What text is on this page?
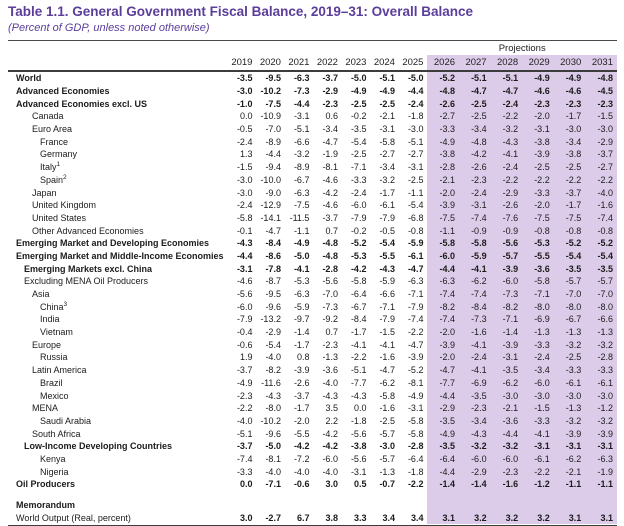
Table 1.1. General Government Fiscal Balance, 2019–31: Overall Balance
(Percent of GDP, unless noted otherwise)
								Projections					
	2019	2020	2021	2022	2023	2024	2025	2026	2027	2028	2029	2030	2031
World	-3.5	-9.5	-6.3	-3.7	-5.0	-5.1	-5.0	-5.2	-5.1	-5.1	-4.9	-4.9	-4.8
Advanced Economies	-3.0	-10.2	-7.3	-2.9	-4.9	-4.9	-4.4	-4.8	-4.7	-4.7	-4.6	-4.6	-4.5
Advanced Economies excl. US	-1.0	-7.5	-4.4	-2.3	-2.5	-2.5	-2.4	-2.6	-2.5	-2.4	-2.3	-2.3	-2.3
Canada	0.0	-10.9	-3.1	0.6	-0.2	-2.1	-1.8	-2.7	-2.5	-2.2	-2.0	-1.7	-1.5
Euro Area	-0.5	-7.0	-5.1	-3.4	-3.5	-3.1	-3.0	-3.3	-3.4	-3.2	-3.1	-3.0	-3.0
France	-2.4	-8.9	-6.6	-4.7	-5.4	-5.8	-5.1	-4.9	-4.8	-4.3	-3.8	-3.4	-2.9
Germany	1.3	-4.4	-3.2	-1.9	-2.5	-2.7	-2.7	-3.8	-4.2	-4.1	-3.9	-3.8	-3.7
Italy$^1$	-1.5	-9.4	-8.9	-8.1	-7.1	-3.4	-3.1	-2.8	-2.6	-2.4	-2.5	-2.5	-2.7
Spain$^2$	-3.0	-10.0	-6.7	-4.6	-3.3	-3.2	-2.5	-2.1	-2.3	-2.2	-2.2	-2.2	-2.2
Japan	-3.0	-9.0	-6.3	-4.2	-2.4	-1.7	-1.1	-2.0	-2.4	-2.9	-3.3	-3.7	-4.0
United Kingdom	-2.4	-12.9	-7.5	-4.6	-6.0	-6.1	-5.4	-3.9	-3.1	-2.6	-2.0	-1.7	-1.6
United States	-5.8	-14.1	-11.5	-3.7	-7.9	-7.9	-6.8	-7.5	-7.4	-7.6	-7.5	-7.5	-7.4
Other Advanced Economies	-0.1	-4.7	-1.1	0.7	-0.2	-0.5	-0.8	-1.1	-0.9	-0.9	-0.8	-0.8	-0.8
Emerging Market and Developing Economies	-4.3	-8.4	-4.9	-4.8	-5.2	-5.4	-5.9	-5.8	-5.8	-5.6	-5.3	-5.2	-5.2
Emerging Market and Middle-Income Economies	-4.4	-8.6	-5.0	-4.8	-5.3	-5.5	-6.1	-6.0	-5.9	-5.7	-5.5	-5.4	-5.4
Emerging Markets excl. China	-3.1	-7.8	-4.1	-2.8	-4.2	-4.3	-4.7	-4.4	-4.1	-3.9	-3.6	-3.5	-3.5
Excluding MENA Oil Producers	-4.6	-8.7	-5.3	-5.6	-5.8	-5.9	-6.3	-6.3	-6.2	-6.0	-5.8	-5.7	-5.7
Asia	-5.6	-9.5	-6.3	-7.0	-6.4	-6.6	-7.1	-7.4	-7.4	-7.3	-7.1	-7.0	-7.0
China$^3$	-6.0	-9.6	-5.9	-7.3	-6.7	-7.1	-7.9	-8.2	-8.4	-8.2	-8.0	-8.0	-8.0
India	-7.9	-13.2	-9.7	-9.2	-8.4	-7.9	-7.4	-7.4	-7.3	-7.1	-6.9	-6.7	-6.6
Vietnam	-0.4	-2.9	-1.4	0.7	-1.7	-1.5	-2.2	-2.0	-1.6	-1.4	-1.3	-1.3	-1.3
Europe	-0.6	-5.4	-1.7	-2.3	-4.1	-4.1	-4.7	-3.9	-4.1	-3.9	-3.3	-3.2	-3.2
Russia	1.9	-4.0	0.8	-1.3	-2.2	-1.6	-3.9	-2.0	-2.4	-3.1	-2.4	-2.5	-2.8
Latin America	-3.7	-8.2	-3.9	-3.6	-5.1	-4.7	-5.2	-4.7	-4.1	-3.5	-3.4	-3.3	-3.3
Brazil	-4.9	-11.6	-2.6	-4.0	-7.7	-6.2	-8.1	-7.7	-6.9	-6.2	-6.0	-6.1	-6.1
Mexico	-2.3	-4.3	-3.7	-4.3	-4.3	-5.8	-4.9	-4.4	-3.5	-3.0	-3.0	-3.0	-3.0
MENA	-2.2	-8.0	-1.7	3.5	0.0	-1.6	-3.1	-2.9	-2.3	-2.1	-1.5	-1.3	-1.2
Saudi Arabia	-4.0	-10.2	-2.0	2.2	-1.8	-2.5	-5.8	-3.5	-3.4	-3.6	-3.3	-3.2	-3.2
South Africa	-5.1	-9.6	-5.5	-4.2	-5.6	-5.7	-5.8	-4.9	-4.3	-4.4	-4.1	-3.9	-3.9
Low-Income Developing Countries	-3.7	-5.0	-4.2	-4.2	-3.8	-3.0	-2.8	-3.5	-3.2	-3.2	-3.1	-3.1	-3.1
Kenya	-7.4	-8.1	-7.2	-6.0	-5.6	-5.7	-6.4	-6.4	-6.0	-6.0	-6.1	-6.2	-6.3
Nigeria	-3.3	-4.0	-4.0	-4.0	-3.1	-1.3	-1.8	-4.4	-2.9	-2.3	-2.2	-2.1	-1.9
Oil Producers	0.0	-7.1	-0.6	3.0	0.5	-0.7	-2.2	-1.4	-1.4	-1.6	-1.2	-1.1	-1.1

Memorandum													
World Output (Real, percent)	3.0	-2.7	6.7	3.8	3.3	3.4	3.4	3.1	3.2	3.2	3.2	3.1	3.1
